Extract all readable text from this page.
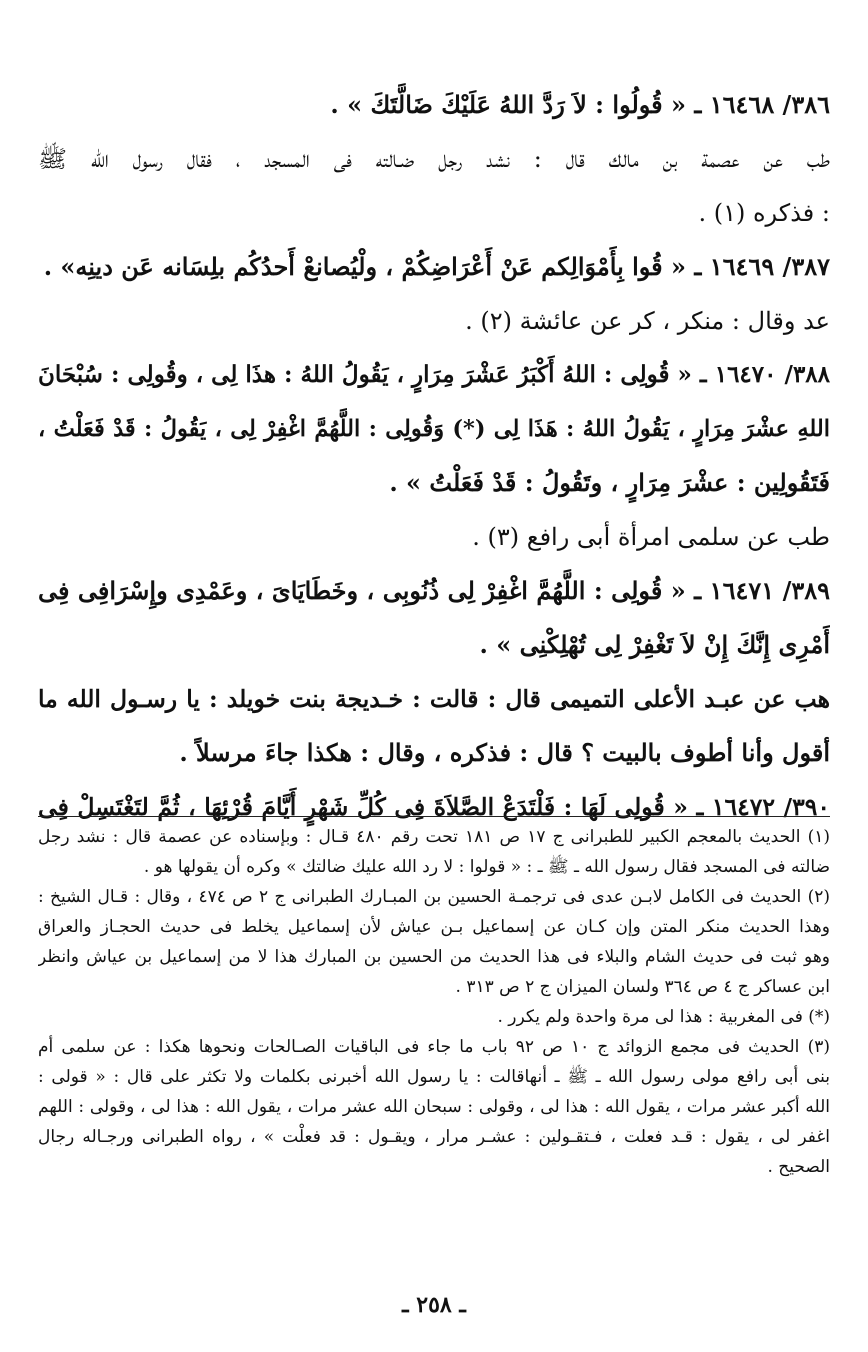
٣٨٦/ ١٦٤٦٨ ـ « قُولُوا : لاَ رَدَّ اللهُ عَلَيْكَ ضَالَّتَكَ » .
طب عن عصمة بن مالك قال : نشد رجل ضـالته فى المسجد ، فقال رسول الله ﷺ
: فذكره (١) .
٣٨٧/ ١٦٤٦٩ ـ « قُوا بِأَمْوَالِكم عَنْ أَعْرَاضِكُمْ ، ولْيُصانعْ أَحدُكُم بلِسَانه عَن دينِه» .
عد وقال : منكر ، كر عن عائشة (٢) .
٣٨٨/ ١٦٤٧٠ ـ « قُولِى : اللهُ أَكْبَرُ عَشْرَ مِرَارٍ ، يَقُولُ اللهُ : هذَا لِى ، وقُولِى : سُبْحَانَ
اللهِ عشْرَ مِرَارٍ ، يَقُولُ اللهُ : هَذَا لِى (*) وَقُولِى : اللَّهُمَّ اغْفِرْ لِى ، يَقُولُ : قَدْ فَعَلْتُ ،
فَتَقُولِين : عشْرَ مِرَارٍ ، وتَقُولُ : قَدْ فَعَلْتُ » .
طب عن سلمى امرأة أبى رافع (٣) .
٣٨٩/ ١٦٤٧١ ـ « قُولِى : اللَّهُمَّ اغْفِرْ لِى ذُنُوبِى ، وخَطَايَاىَ ، وعَمْدِى وإِسْرَافِى فِى
أَمْرِى إِنَّكَ إِنْ لاَ تَغْفِرْ لِى تُهْلِكْنِى » .
هب عن عبـد الأعلى التميمى قال : قالت : خـديجة بنت خويلد : يا رسـول الله ما
أقول وأنا أطوف بالبيت ؟ قال : فذكره ، وقال : هكذا جاءَ مرسلاً .
٣٩٠/ ١٦٤٧٢ ـ « قُولِى لَهَا : فَلْتَدَعْ الصَّلاَةَ فِى كُلِّ شَهْرٍ أَيَّامَ قُرْئِهَا ، ثُمَّ لتَغْتَسِلْ فِى
(١) الحديث بالمعجم الكبير للطبرانى ج ١٧ ص ١٨١ تحت رقم ٤٨٠ قـال : وبإسناده عن عصمة قال : نشد رجل
ضالته فى المسجد فقال رسول الله ـ ﷺ ـ : « قولوا : لا رد الله عليك ضالتك » وكره أن يقولها هو .
(٢) الحديث فى الكامل لابـن عدى فى ترجمـة الحسين بن المبـارك الطبرانى ج ٢ ص ٤٧٤ ، وقال : قـال الشيخ :
وهذا الحديث منكر المتن وإن كـان عن إسماعيل بـن عياش لأن إسماعيل يخلط فى حديث الحجـاز والعراق
وهو ثبت فى حديث الشام والبلاء فى هذا الحديث من الحسين بن المبارك هذا لا من إسماعيل بن عياش وانظر
ابن عساكر ج ٤ ص ٣٦٤ ولسان الميزان ج ٢ ص ٣١٣ .
(*) فى المغربية : هذا لى مرة واحدة ولم يكرر .
(٣) الحديث فى مجمع الزوائد ج ١٠ ص ٩٢ باب ما جاء فى الباقيات الصـالحات ونحوها هكذا : عن سلمى أم
بنى أبى رافع مولى رسول الله ـ ﷺ ـ أنهاقالت : يا رسول الله أخبرنى بكلمات ولا تكثر على قال : « قولى :
الله أكبر عشر مرات ، يقول الله : هذا لى ، وقولى : سبحان الله عشر مرات ، يقول الله : هذا لى ، وقولى : اللهم
اغفر لى ، يقول : قـد فعلت ، فـتقـولين : عشـر مرار ، ويقـول : قد فعلْت » ، رواه الطبرانى ورجـاله رجال
الصحيح .
ـ ٢٥٨ ـ
